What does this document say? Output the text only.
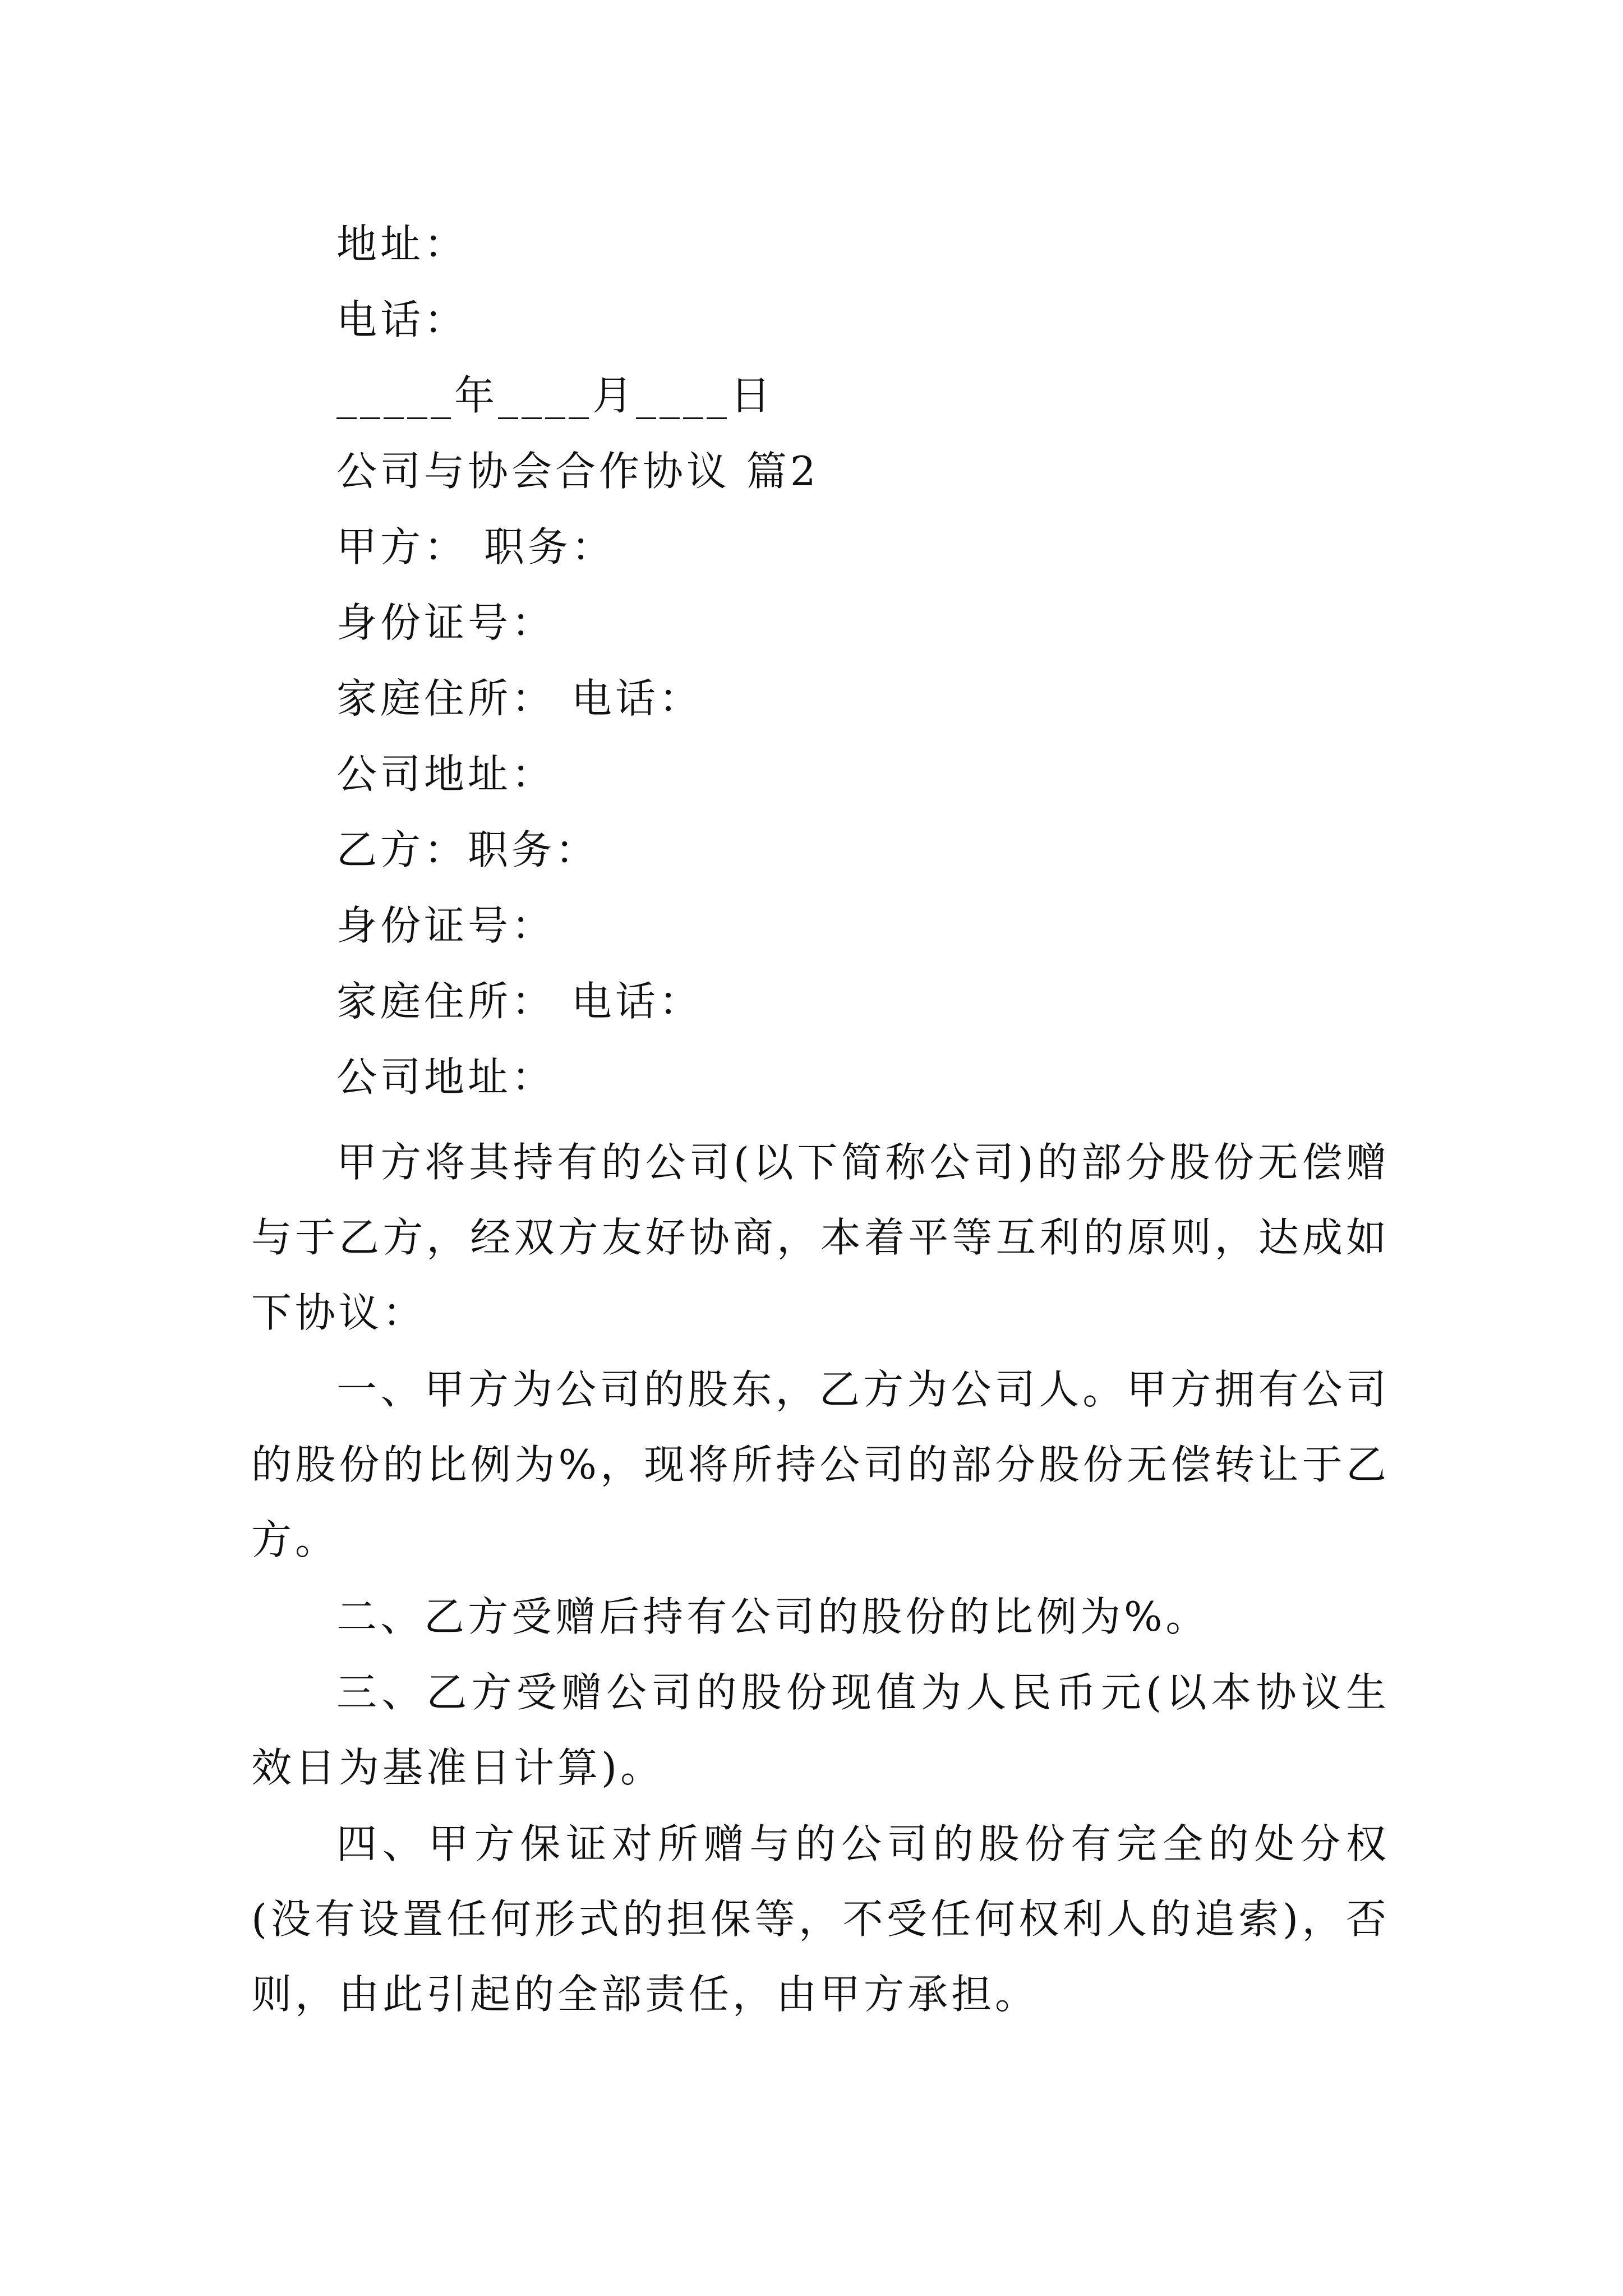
地址：
电话：
_____年____月____日
公司与协会合作协议 篇2
甲方： 职务：
身份证号：
家庭住所： 电话：
公司地址：
乙方：职务：
身份证号：
家庭住所： 电话：
公司地址：
甲方将其持有的公司(以下简称公司)的部分股份无偿赠与于乙方，经双方友好协商，本着平等互利的原则，达成如下协议：
一、甲方为公司的股东，乙方为公司人。甲方拥有公司的股份的比例为%，现将所持公司的部分股份无偿转让于乙方。
二、乙方受赠后持有公司的股份的比例为%。
三、乙方受赠公司的股份现值为人民币元(以本协议生效日为基准日计算)。
四、甲方保证对所赠与的公司的股份有完全的处分权(没有设置任何形式的担保等，不受任何权利人的追索)，否则，由此引起的全部责任，由甲方承担。
